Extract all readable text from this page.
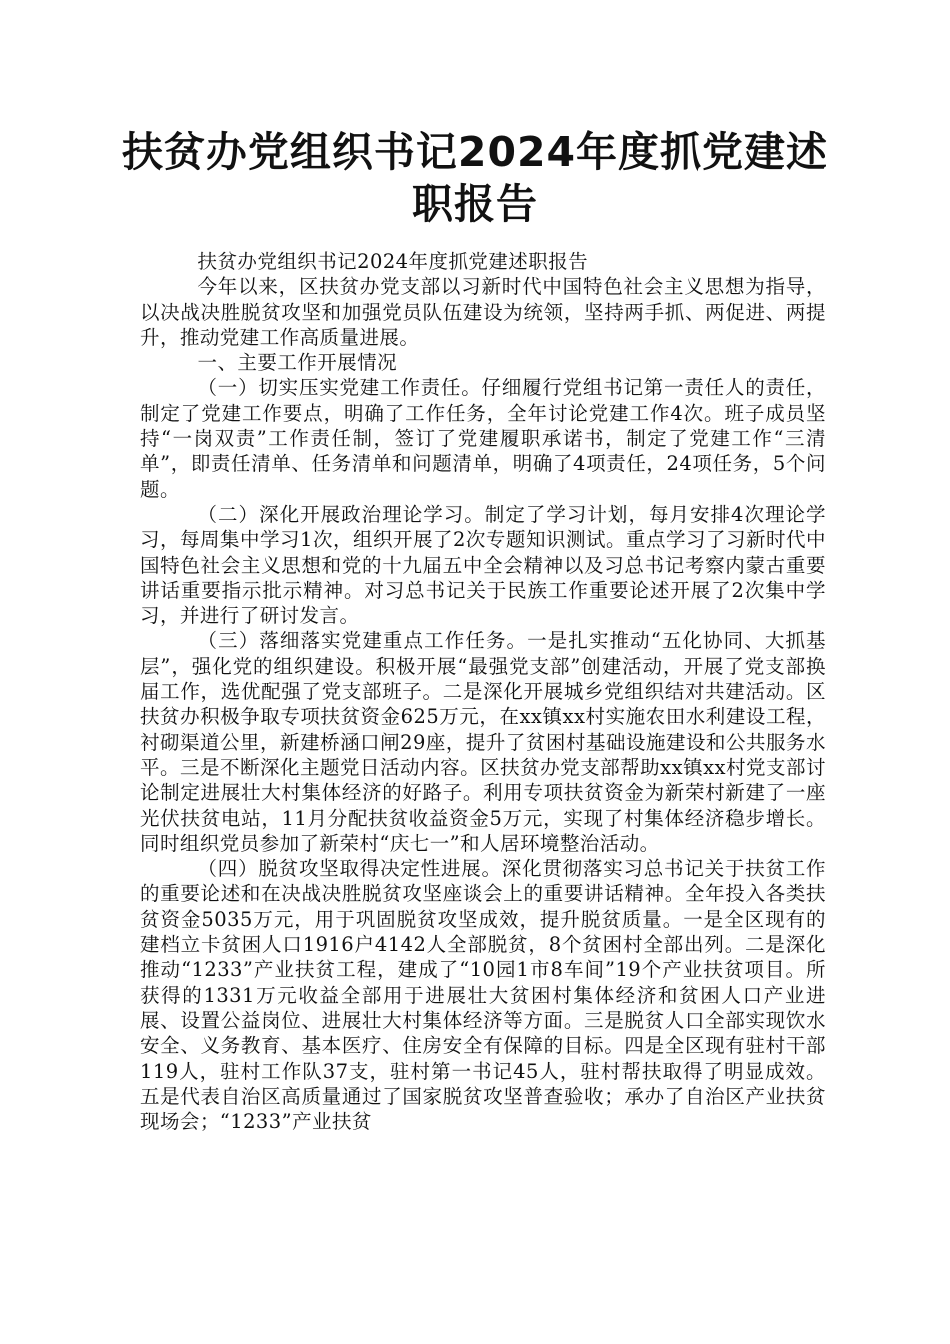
扶贫办党组织书记2024年度抓党建述
职报告

扶贫办党组织书记2024年度抓党建述职报告

今年以来，区扶贫办党支部以习新时代中国特色社会主义思想为指导，以决战决胜脱贫攻坚和加强党员队伍建设为统领，坚持两手抓、两促进、两提升，推动党建工作高质量进展。

一、主要工作开展情况

（一）切实压实党建工作责任。仔细履行党组书记第一责任人的责任，制定了党建工作要点，明确了工作任务，全年讨论党建工作4次。班子成员坚持“一岗双责”工作责任制，签订了党建履职承诺书，制定了党建工作“三清单”，即责任清单、任务清单和问题清单，明确了4项责任，24项任务，5个问题。

（二）深化开展政治理论学习。制定了学习计划，每月安排4次理论学习，每周集中学习1次，组织开展了2次专题知识测试。重点学习了习新时代中国特色社会主义思想和党的十九届五中全会精神以及习总书记考察内蒙古重要讲话重要指示批示精神。对习总书记关于民族工作重要论述开展了2次集中学习，并进行了研讨发言。

（三）落细落实党建重点工作任务。一是扎实推动“五化协同、大抓基层”，强化党的组织建设。积极开展“最强党支部”创建活动，开展了党支部换届工作，选优配强了党支部班子。二是深化开展城乡党组织结对共建活动。区扶贫办积极争取专项扶贫资金625万元，在xx镇xx村实施农田水利建设工程，衬砌渠道公里，新建桥涵口闸29座，提升了贫困村基础设施建设和公共服务水平。三是不断深化主题党日活动内容。区扶贫办党支部帮助xx镇xx村党支部讨论制定进展壮大村集体经济的好路子。利用专项扶贫资金为新荣村新建了一座光伏扶贫电站，11月分配扶贫收益资金5万元，实现了村集体经济稳步增长。同时组织党员参加了新荣村“庆七一”和人居环境整治活动。

（四）脱贫攻坚取得决定性进展。深化贯彻落实习总书记关于扶贫工作的重要论述和在决战决胜脱贫攻坚座谈会上的重要讲话精神。全年投入各类扶贫资金5035万元，用于巩固脱贫攻坚成效，提升脱贫质量。一是全区现有的建档立卡贫困人口1916户4142人全部脱贫，8个贫困村全部出列。二是深化推动“1233”产业扶贫工程，建成了“10园1市8车间”19个产业扶贫项目。所获得的1331万元收益全部用于进展壮大贫困村集体经济和贫困人口产业进展、设置公益岗位、进展壮大村集体经济等方面。三是脱贫人口全部实现饮水安全、义务教育、基本医疗、住房安全有保障的目标。四是全区现有驻村干部119人，驻村工作队37支，驻村第一书记45人，驻村帮扶取得了明显成效。五是代表自治区高质量通过了国家脱贫攻坚普查验收；承办了自治区产业扶贫现场会；“1233”产业扶贫
